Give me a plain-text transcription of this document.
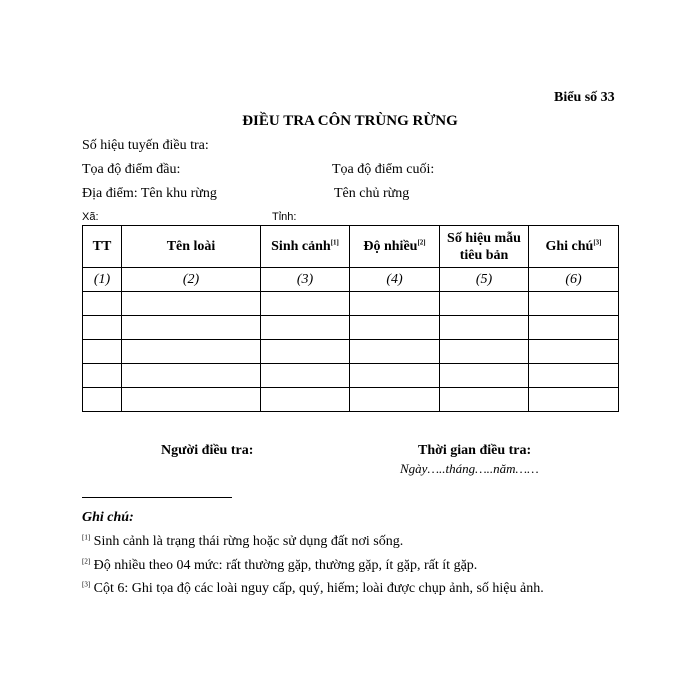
Biểu số 33
ĐIỀU TRA CÔN TRÙNG RỪNG
Số hiệu tuyến điều tra:
Tọa độ điểm đầu:	Tọa độ điểm cuối:
Địa điểm: Tên khu rừng	Tên chủ rừng
Xã:	Tỉnh:
TT	Tên loài	Sinh cảnh[1]	Độ nhiều[2]	Số hiệu mẫu tiêu bản	Ghi chú[3]
(1)	(2)	(3)	(4)	(5)	(6)

Người điều tra:	Thời gian điều tra:
Ngày…..tháng…..năm……
Ghi chú:
[1] Sinh cảnh là trạng thái rừng hoặc sử dụng đất nơi sống.
[2] Độ nhiều theo 04 mức: rất thường gặp, thường gặp, ít gặp, rất ít gặp.
[3] Cột 6: Ghi tọa độ các loài nguy cấp, quý, hiếm; loài được chụp ảnh, số hiệu ảnh.
